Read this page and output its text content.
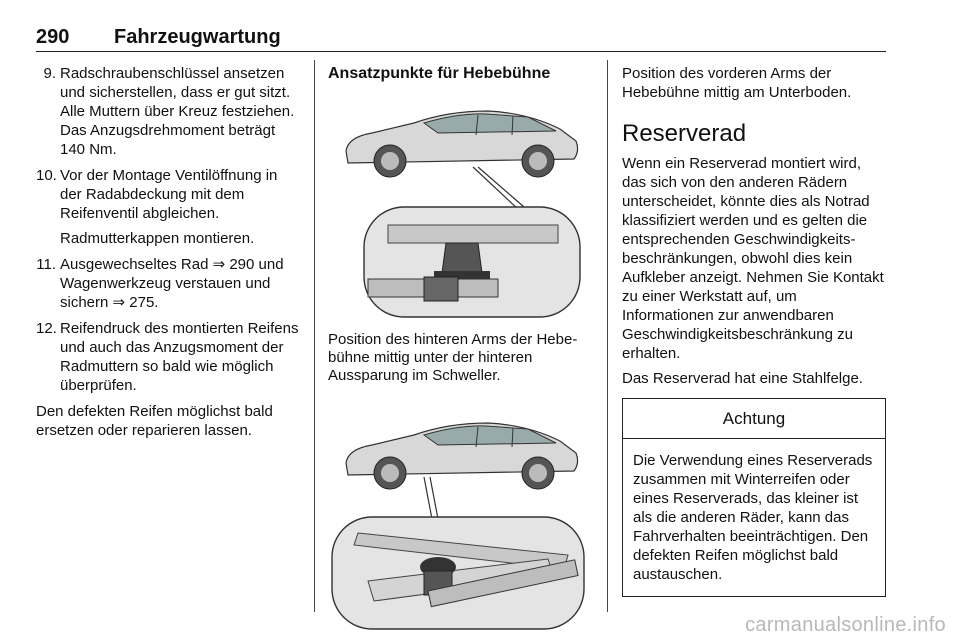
290 Fahrzeugwartung
9. Radschraubenschlüssel ansetzen und sicherstellen, dass er gut sitzt. Alle Muttern über Kreuz festziehen. Das Anzugsdrehmoment beträgt 140 Nm.
10. Vor der Montage Ventilöffnung in der Radabdeckung mit dem Reifenventil abgleichen.
Radmutterkappen montieren.
11. Ausgewechseltes Rad ⇒ 290 und Wagenwerkzeug verstauen und sichern ⇒ 275.
12. Reifendruck des montierten Reifens und auch das Anzugsmoment der Radmuttern so bald wie möglich überprüfen.
Den defekten Reifen möglichst bald ersetzen oder reparieren lassen.
Ansatzpunkte für Hebebühne
Position des hinteren Arms der Hebebühne mittig unter der hinteren Aussparung im Schweller.
Position des vorderen Arms der Hebebühne mittig am Unterboden.
Reserverad
Wenn ein Reserverad montiert wird, das sich von den anderen Rädern unterscheidet, könnte dies als Notrad klassifiziert werden und es gelten die entsprechenden Geschwindigkeitsbeschränkungen, obwohl dies kein Aufkleber anzeigt. Nehmen Sie Kontakt zu einer Werkstatt auf, um Informationen zur anwendbaren Geschwindigkeitsbeschränkung zu erhalten.
Das Reserverad hat eine Stahlfelge.
Achtung
Die Verwendung eines Reserverads zusammen mit Winterreifen oder eines Reserverads, das kleiner ist als die anderen Räder, kann das Fahrverhalten beeinträchtigen. Den defekten Reifen möglichst bald austauschen.
carmanualsonline.info
